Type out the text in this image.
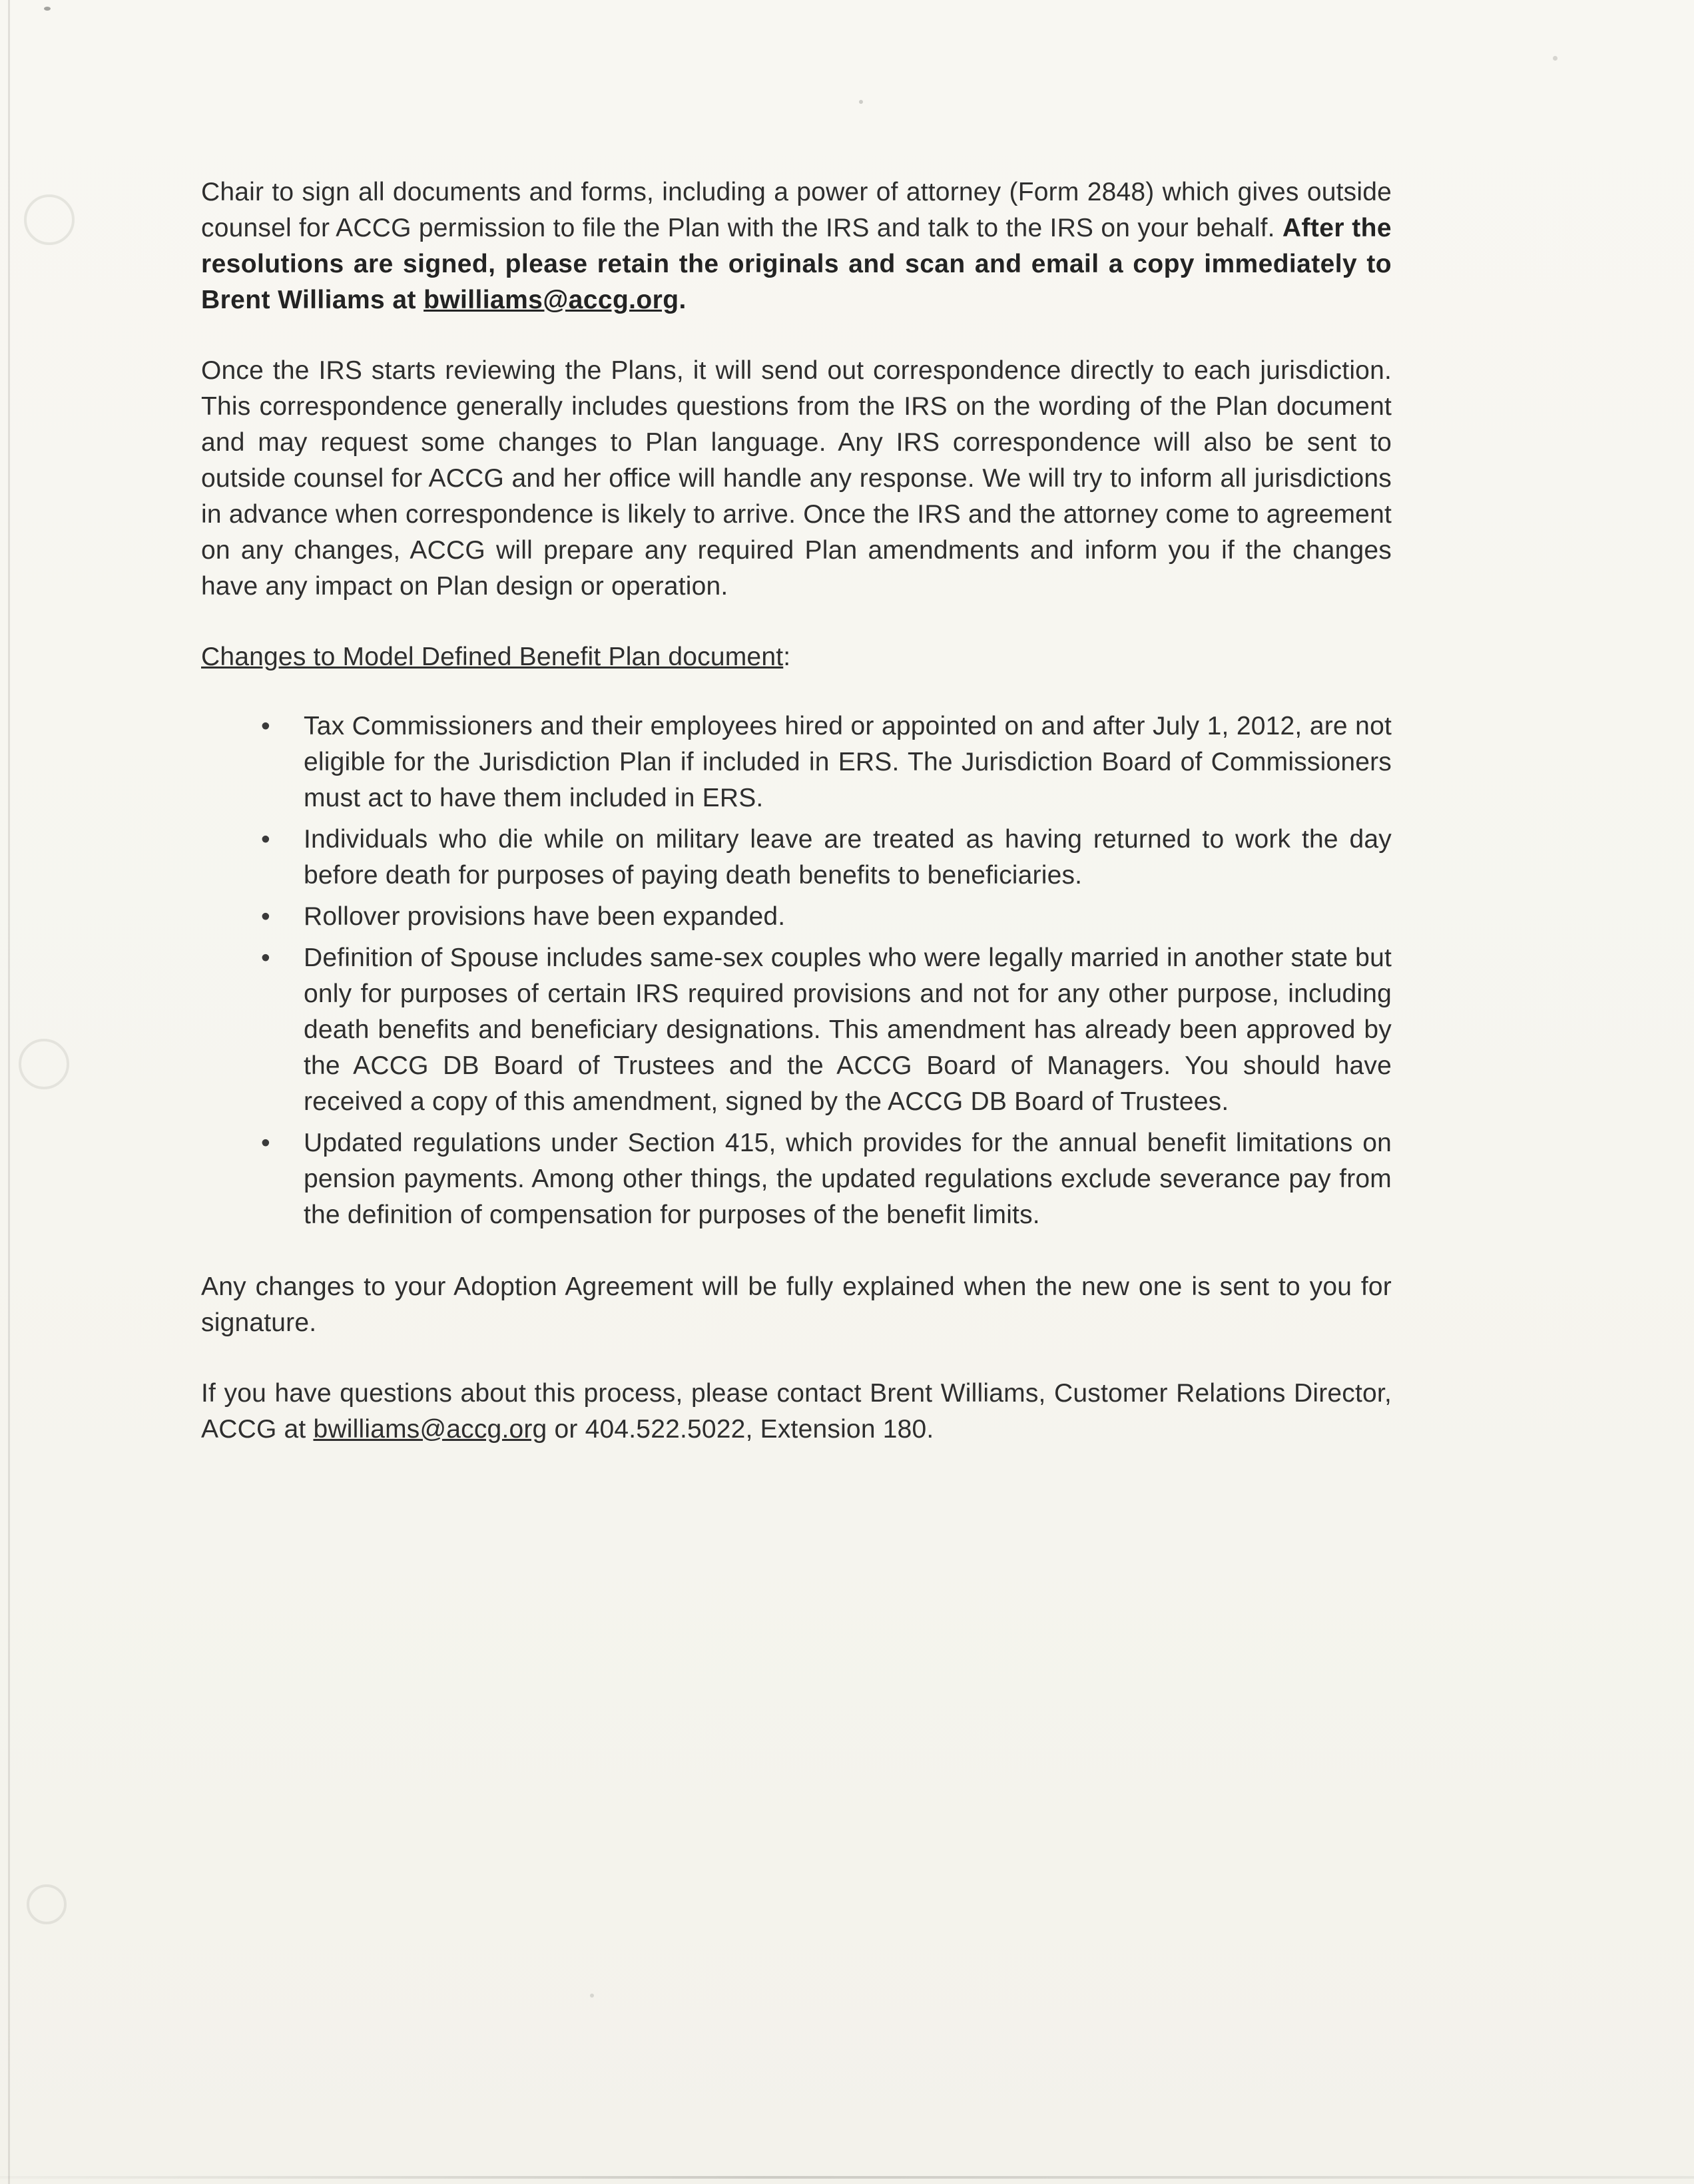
Chair to sign all documents and forms, including a power of attorney (Form 2848) which gives outside counsel for ACCG permission to file the Plan with the IRS and talk to the IRS on your behalf. After the resolutions are signed, please retain the originals and scan and email a copy immediately to Brent Williams at bwilliams@accg.org.

Once the IRS starts reviewing the Plans, it will send out correspondence directly to each jurisdiction. This correspondence generally includes questions from the IRS on the wording of the Plan document and may request some changes to Plan language. Any IRS correspondence will also be sent to outside counsel for ACCG and her office will handle any response. We will try to inform all jurisdictions in advance when correspondence is likely to arrive. Once the IRS and the attorney come to agreement on any changes, ACCG will prepare any required Plan amendments and inform you if the changes have any impact on Plan design or operation.

Changes to Model Defined Benefit Plan document:

•	Tax Commissioners and their employees hired or appointed on and after July 1, 2012, are not eligible for the Jurisdiction Plan if included in ERS. The Jurisdiction Board of Commissioners must act to have them included in ERS.
•	Individuals who die while on military leave are treated as having returned to work the day before death for purposes of paying death benefits to beneficiaries.
•	Rollover provisions have been expanded.
•	Definition of Spouse includes same-sex couples who were legally married in another state but only for purposes of certain IRS required provisions and not for any other purpose, including death benefits and beneficiary designations. This amendment has already been approved by the ACCG DB Board of Trustees and the ACCG Board of Managers. You should have received a copy of this amendment, signed by the ACCG DB Board of Trustees.
•	Updated regulations under Section 415, which provides for the annual benefit limitations on pension payments. Among other things, the updated regulations exclude severance pay from the definition of compensation for purposes of the benefit limits.

Any changes to your Adoption Agreement will be fully explained when the new one is sent to you for signature.

If you have questions about this process, please contact Brent Williams, Customer Relations Director, ACCG at bwilliams@accg.org or 404.522.5022, Extension 180.
